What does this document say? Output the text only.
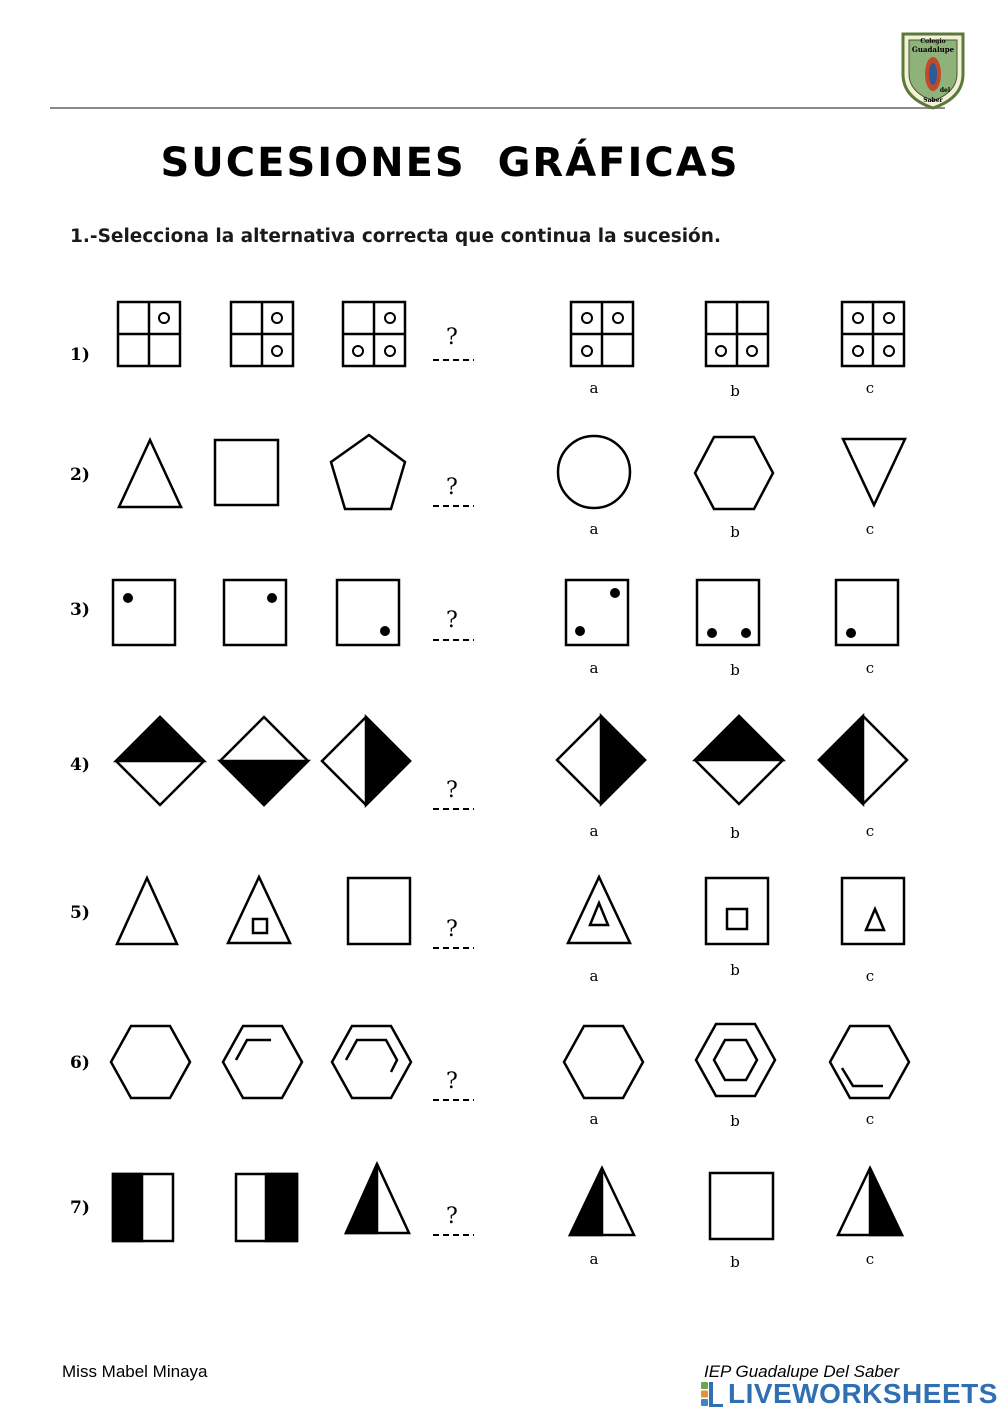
Colegio
Guadalupe
del
Saber
SUCESIONES  GRÁFICAS
1.-Selecciona la alternativa correcta que continua la sucesión.
1)
2)
3)
4)
5)
6)
7)
?
?
?
?
?
?
?
a	b	c
a	b	c
a	b	c
a	b	c
a	b	c
a	b	c
a	b	c
Miss Mabel Minaya	IEP Guadalupe Del Saber
LIVEWORKSHEETS
